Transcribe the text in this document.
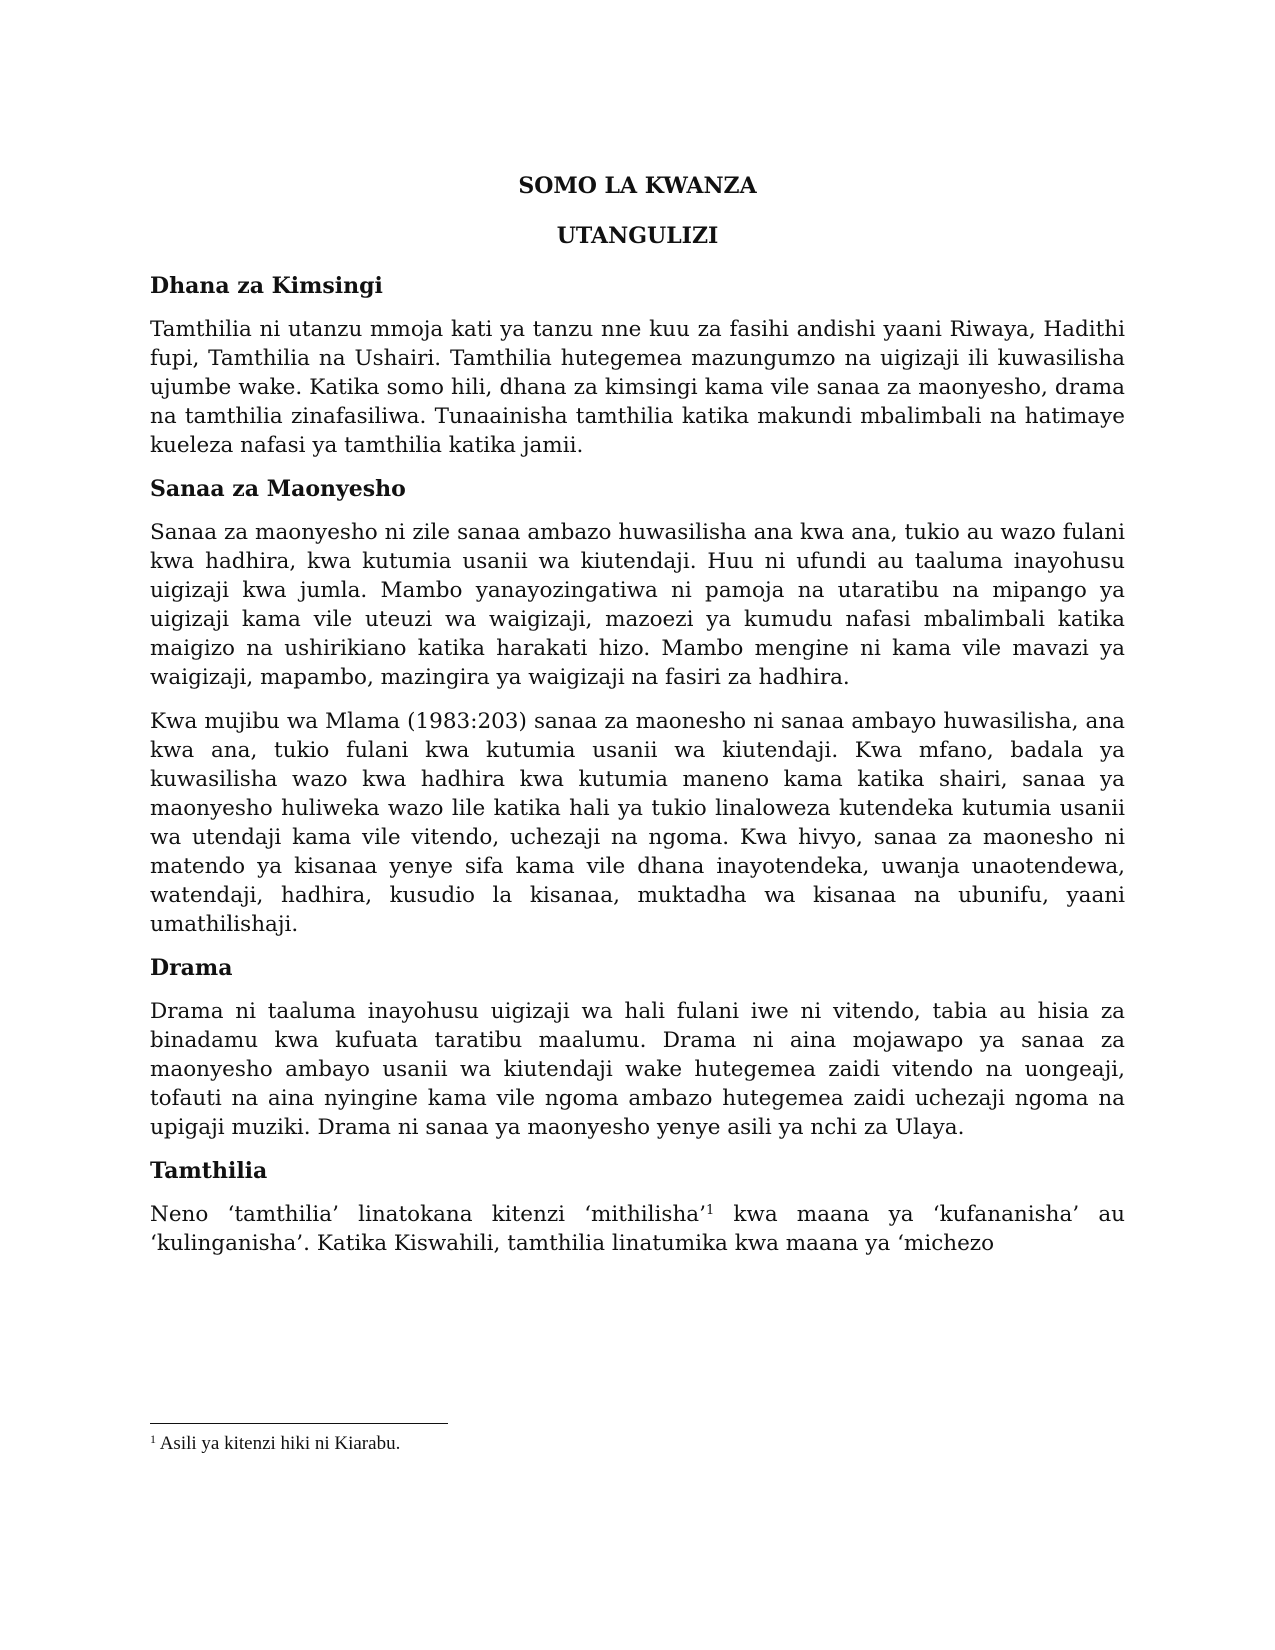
SOMO LA KWANZA
UTANGULIZI
Dhana za Kimsingi

Tamthilia ni utanzu mmoja kati ya tanzu nne kuu za fasihi andishi yaani Riwaya, Hadithi fupi, Tamthilia na Ushairi. Tamthilia hutegemea mazungumzo na uigizaji ili kuwasilisha ujumbe wake. Katika somo hili, dhana za kimsingi kama vile sanaa za maonyesho, drama na tamthilia zinafasiliwa. Tunaainisha tamthilia katika makundi mbalimbali na hatimaye kueleza nafasi ya tamthilia katika jamii.

Sanaa za Maonyesho

Sanaa za maonyesho ni zile sanaa ambazo huwasilisha ana kwa ana, tukio au wazo fulani kwa hadhira, kwa kutumia usanii wa kiutendaji. Huu ni ufundi au taaluma inayohusu uigizaji kwa jumla. Mambo yanayozingatiwa ni pamoja na utaratibu na mipango ya uigizaji kama vile uteuzi wa waigizaji, mazoezi ya kumudu nafasi mbalimbali katika maigizo na ushirikiano katika harakati hizo. Mambo mengine ni kama vile mavazi ya waigizaji, mapambo, mazingira ya waigizaji na fasiri za hadhira.

Kwa mujibu wa Mlama (1983:203) sanaa za maonesho ni sanaa ambayo huwasilisha, ana kwa ana, tukio fulani kwa kutumia usanii wa kiutendaji. Kwa mfano, badala ya kuwasilisha wazo kwa hadhira kwa kutumia maneno kama katika shairi, sanaa ya maonyesho huliweka wazo lile katika hali ya tukio linaloweza kutendeka kutumia usanii wa utendaji kama vile vitendo, uchezaji na ngoma. Kwa hivyo, sanaa za maonesho ni matendo ya kisanaa yenye sifa kama vile dhana inayotendeka, uwanja unaotendewa, watendaji, hadhira, kusudio la kisanaa, muktadha wa kisanaa na ubunifu, yaani umathilishaji.

Drama

Drama ni taaluma inayohusu uigizaji wa hali fulani iwe ni vitendo, tabia au hisia za binadamu kwa kufuata taratibu maalumu. Drama ni aina mojawapo ya sanaa za maonyesho ambayo usanii wa kiutendaji wake hutegemea zaidi vitendo na uongeaji, tofauti na aina nyingine kama vile ngoma ambazo hutegemea zaidi uchezaji ngoma na upigaji muziki. Drama ni sanaa ya maonyesho yenye asili ya nchi za Ulaya.

Tamthilia

Neno ‘tamthilia’ linatokana kitenzi ‘mithilisha’$^1$ kwa maana ya ‘kufananisha’ au ‘kulinganisha’. Katika Kiswahili, tamthilia linatumika kwa maana ya ‘michezo

$^1$ Asili ya kitenzi hiki ni Kiarabu.
